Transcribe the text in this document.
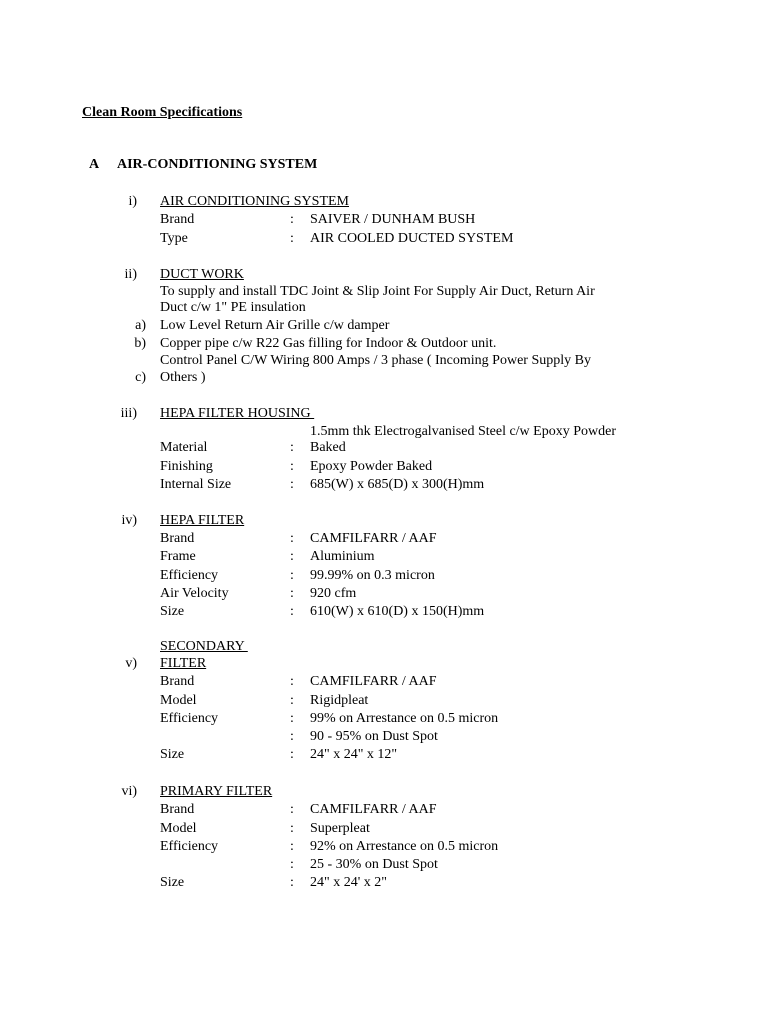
Clean Room Specifications
A AIR-CONDITIONING SYSTEM
i) AIR CONDITIONING SYSTEM
Brand	: SAIVER / DUNHAM BUSH
Type	: AIR COOLED DUCTED SYSTEM
ii) DUCT WORK
To supply and install TDC Joint & Slip Joint For Supply Air Duct, Return Air
Duct c/w 1" PE insulation
a) Low Level Return Air Grille c/w damper
b) Copper pipe c/w R22 Gas filling for Indoor & Outdoor unit.
Control Panel C/W Wiring 800 Amps / 3 phase ( Incoming Power Supply By
c) Others )
iii) HEPA FILTER HOUSING
1.5mm thk Electrogalvanised Steel c/w Epoxy Powder
Material	: Baked
Finishing	: Epoxy Powder Baked
Internal Size	: 685(W) x 685(D) x 300(H)mm
iv) HEPA FILTER
Brand	: CAMFILFARR / AAF
Frame	: Aluminium
Efficiency	: 99.99% on 0.3 micron
Air Velocity	: 920 cfm
Size	: 610(W) x 610(D) x 150(H)mm
SECONDARY
v) FILTER
Brand	: CAMFILFARR / AAF
Model	: Rigidpleat
Efficiency	: 99% on Arrestance on 0.5 micron
: 90 - 95% on Dust Spot
Size	: 24" x 24" x 12"
vi) PRIMARY FILTER
Brand	: CAMFILFARR / AAF
Model	: Superpleat
Efficiency	: 92% on Arrestance on 0.5 micron
: 25 - 30% on Dust Spot
Size	: 24" x 24' x 2"
